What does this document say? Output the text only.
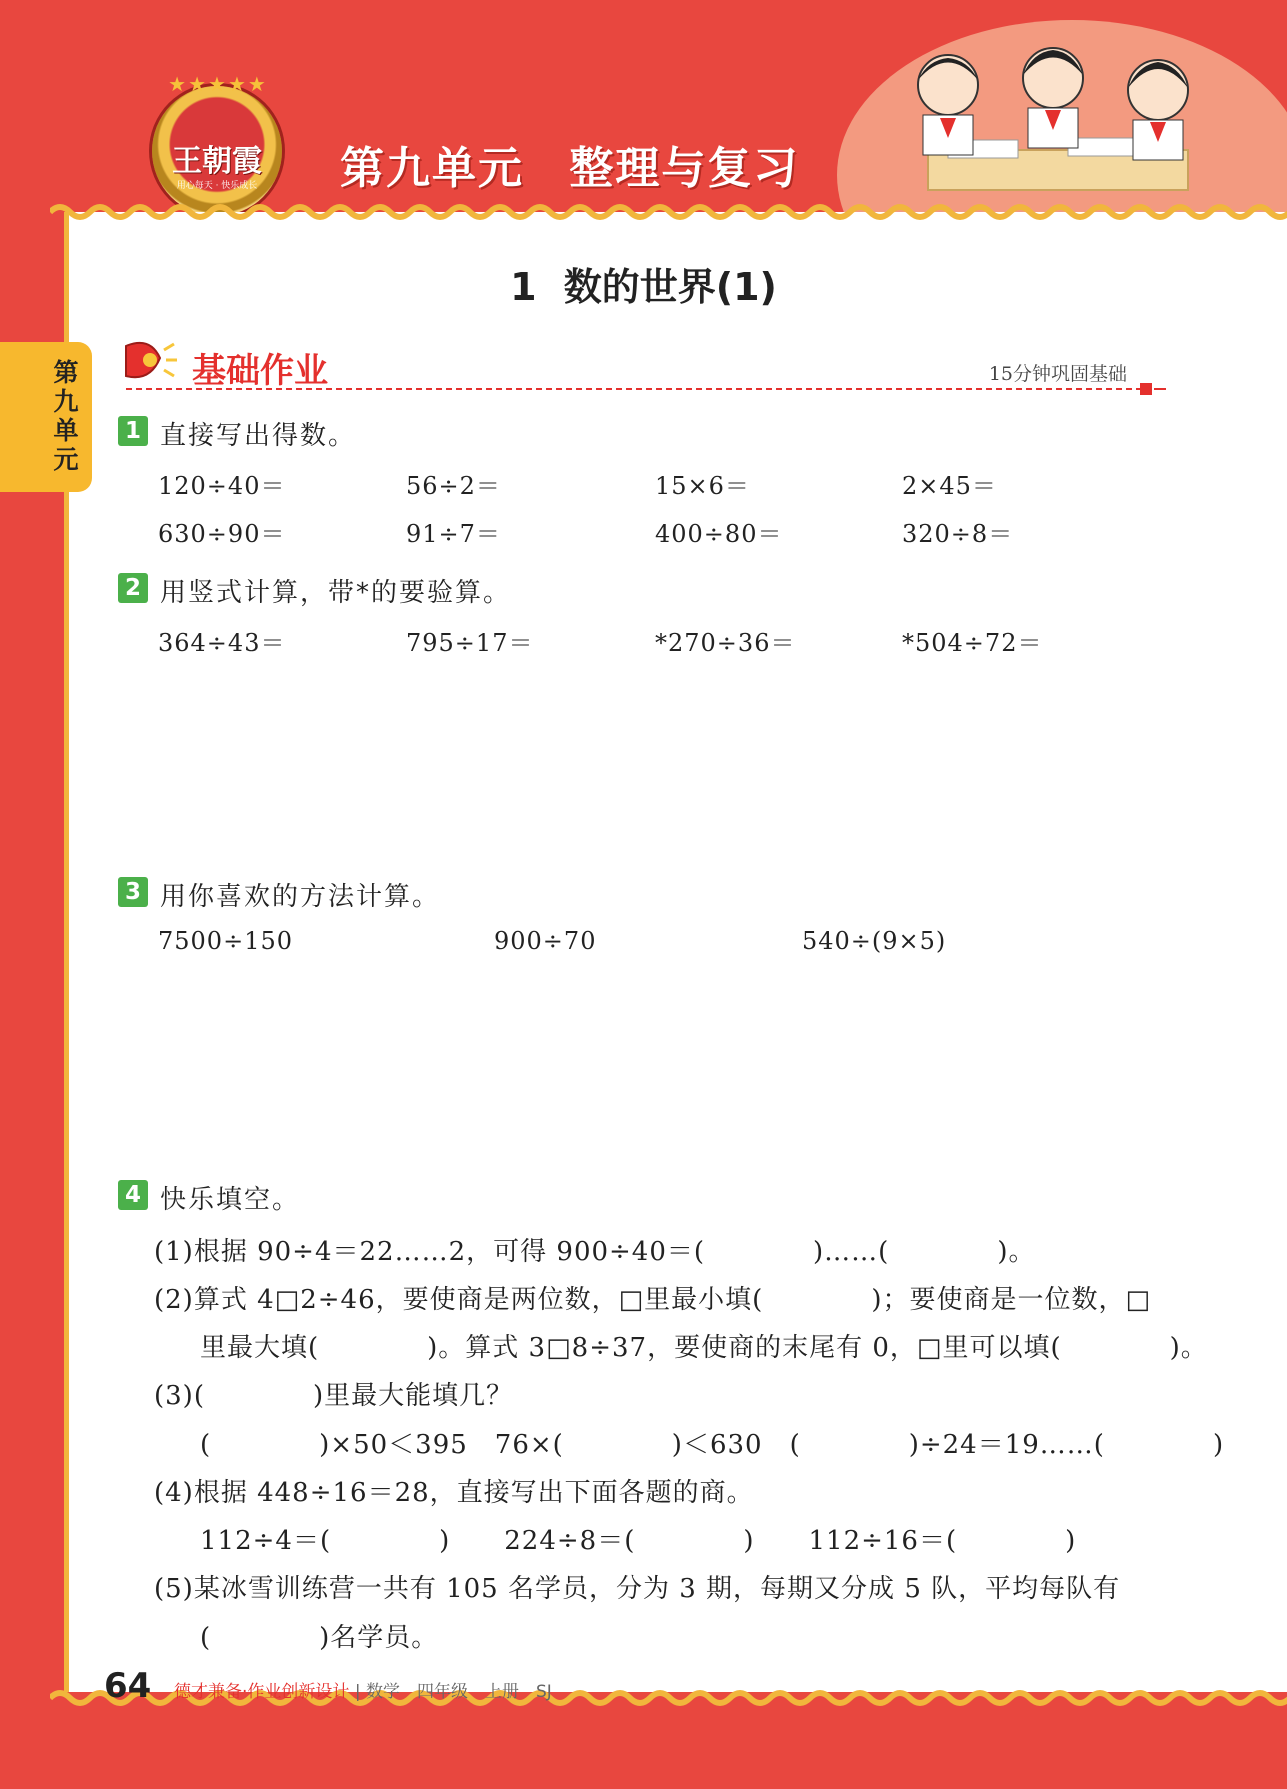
★★★★★
王朝霞
用心每天 · 快乐成长	第九单元 整理与复习
第九单元
1 数的世界(1)
基础作业	15分钟巩固基础
1 直接写出得数。
120÷40＝	56÷2＝	15×6＝	2×45＝
630÷90＝	91÷7＝	400÷80＝	320÷8＝
2 用竖式计算，带*的要验算。
364÷43＝	795÷17＝	*270÷36＝	*504÷72＝
3 用你喜欢的方法计算。
7500÷150	900÷70	540÷(9×5)
4 快乐填空。
(1)根据 90÷4＝22……2，可得 900÷40＝(　　　　)……(　　　　)。
(2)算式 4□2÷46，要使商是两位数，□里最小填(　　　　)；要使商是一位数，□
里最大填(　　　　)。算式 3□8÷37，要使商的末尾有 0，□里可以填(　　　　)。
(3)(　　　　)里最大能填几？
(　　　　)×50＜395　76×(　　　　)＜630　(　　　　)÷24＝19……(　　　　)
(4)根据 448÷16＝28，直接写出下面各题的商。
112÷4＝(　　　　)　　224÷8＝(　　　　)　　112÷16＝(　　　　)
(5)某冰雪训练营一共有 105 名学员，分为 3 期，每期又分成 5 队，平均每队有
(　　　　)名学员。
64 德才兼备·作业创新设计 | 数学　四年级　上册　SJ
